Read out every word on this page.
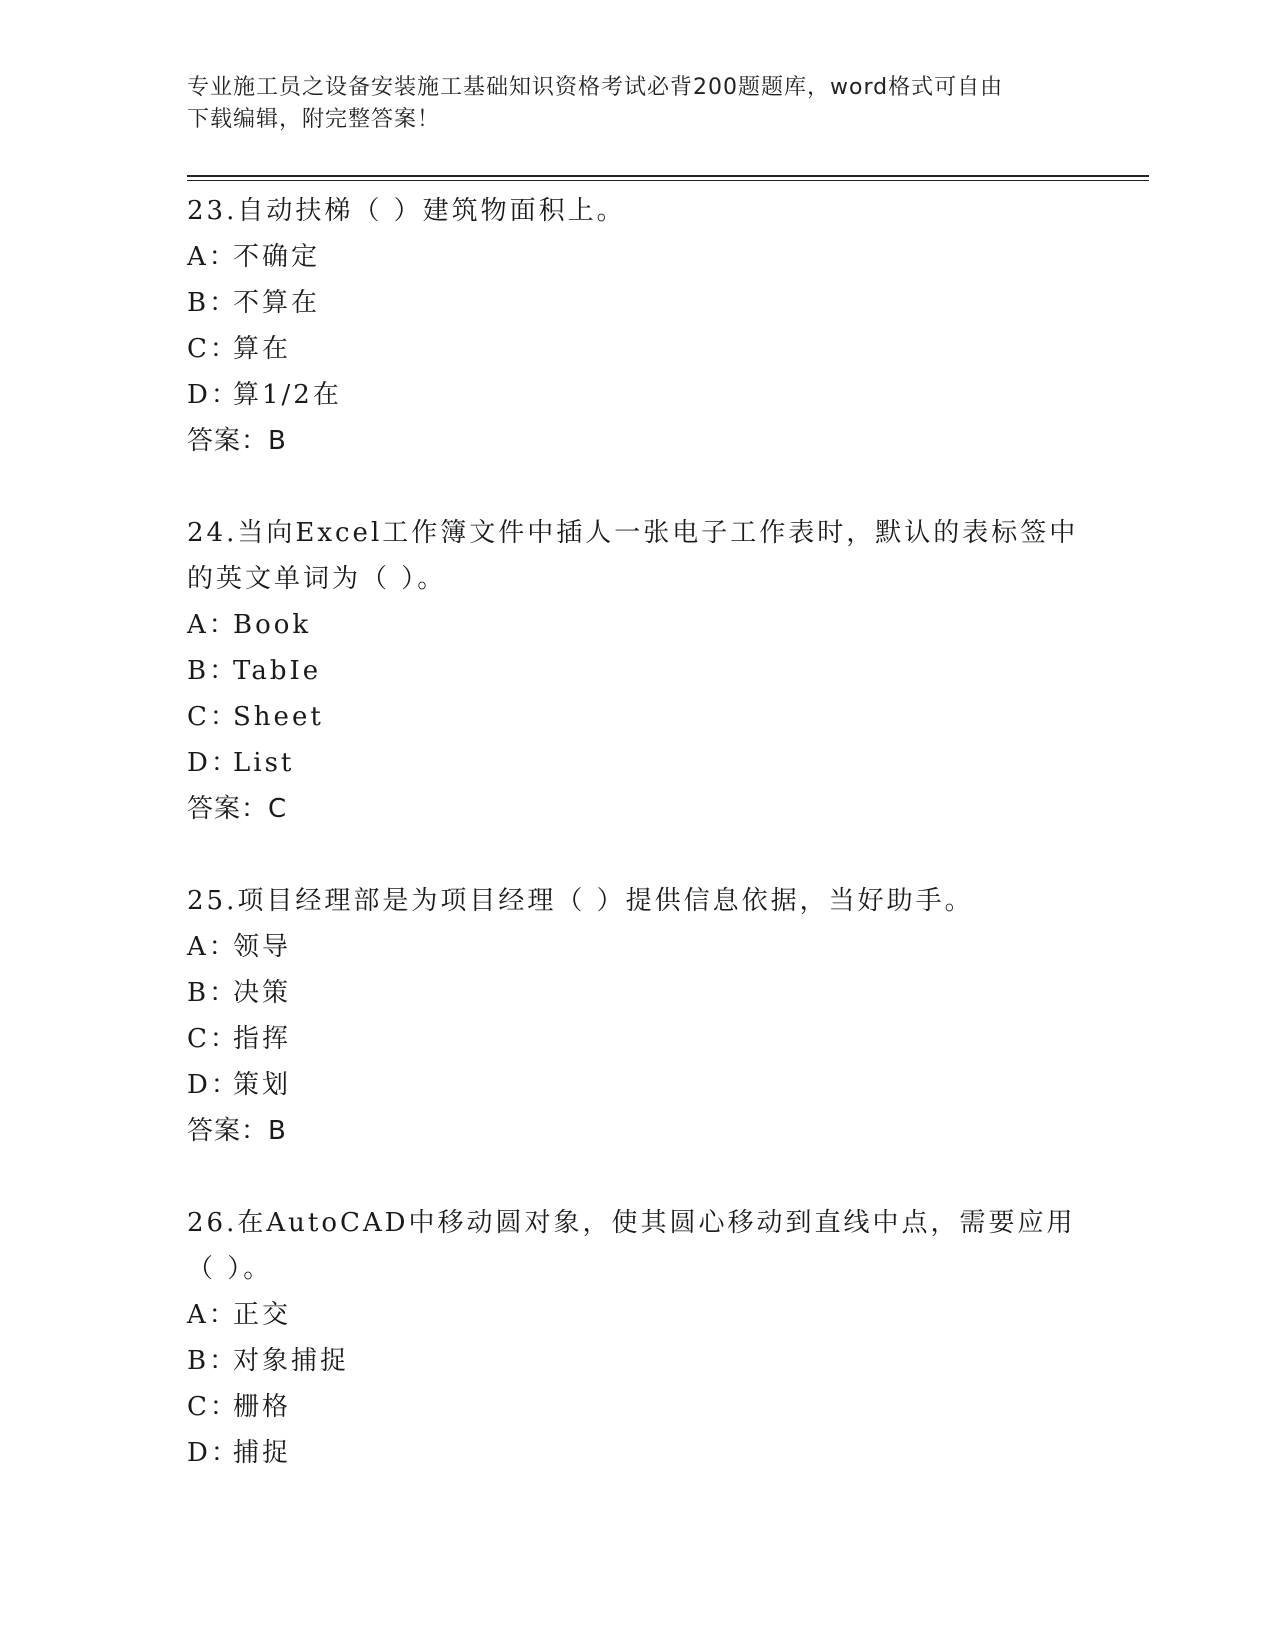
专业施工员之设备安装施工基础知识资格考试必背200题题库，word格式可自由
下载编辑，附完整答案！

23.自动扶梯（ ）建筑物面积上。

A：
不确定
B：
不算在
C：
算在
D：
算1/2在

答案：B

24.当向Excel工作簿文件中插人一张电子工作表时，默认的表标签中的英文单词为（ ）。

A：
Book
B：
TabIe
C：
Sheet
D：
List

答案：C

25.项目经理部是为项目经理（ ）提供信息依据，当好助手。

A：
领导
B：
决策
C：
指挥
D：
策划

答案：B

26.在AutoCAD中移动圆对象，使其圆心移动到直线中点，需要应用（ ）。

A：
正交
B：
对象捕捉
C：
栅格
D：
捕捉
